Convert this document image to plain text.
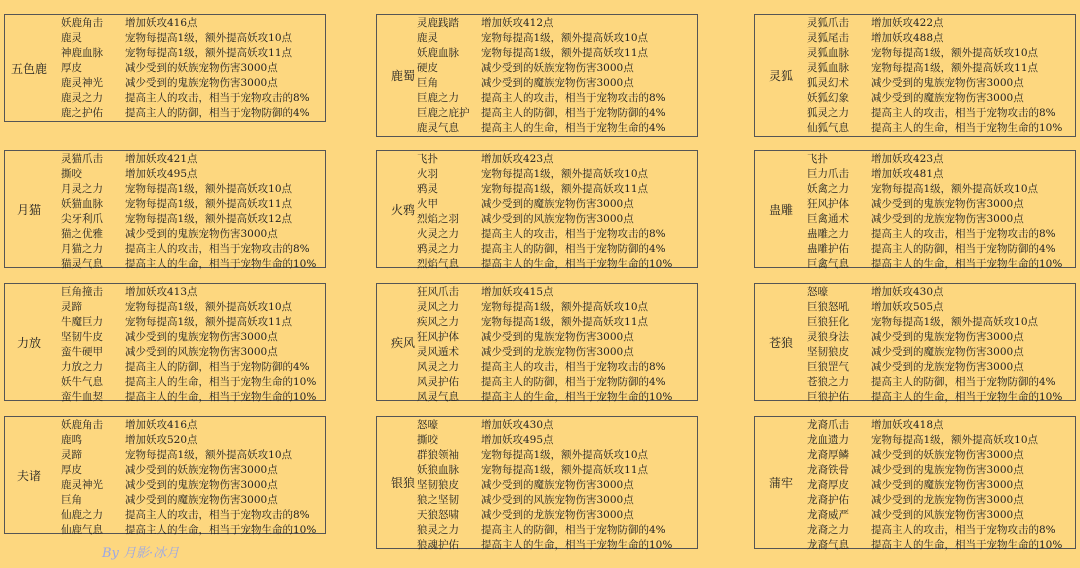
五色鹿
妖鹿角击	增加妖攻416点
鹿灵	宠物每提高1级，额外提高妖攻10点
神鹿血脉	宠物每提高1级，额外提高妖攻11点
厚皮	减少受到的妖族宠物伤害3000点
鹿灵神光	减少受到的鬼族宠物伤害3000点
鹿灵之力	提高主人的攻击，相当于宠物攻击的8%
鹿之护佑	提高主人的防御，相当于宠物防御的4%
鹿蜀
灵鹿践踏	增加妖攻412点
鹿灵	宠物每提高1级，额外提高妖攻10点
妖鹿血脉	宠物每提高1级，额外提高妖攻11点
硬皮	减少受到的妖族宠物伤害3000点
巨角	减少受到的魔族宠物伤害3000点
巨鹿之力	提高主人的攻击，相当于宠物攻击的8%
巨鹿之庇护	提高主人的防御，相当于宠物防御的4%
鹿灵气息	提高主人的生命，相当于宠物生命的4%
灵狐
灵狐爪击	增加妖攻422点
灵狐尾击	增加妖攻488点
灵狐血脉	宠物每提高1级，额外提高妖攻10点
灵狐血脉	宠物每提高1级，额外提高妖攻11点
狐灵幻术	减少受到的鬼族宠物伤害3000点
妖狐幻象	减少受到的魔族宠物伤害3000点
狐灵之力	提高主人的攻击，相当于宠物攻击的8%
仙狐气息	提高主人的生命，相当于宠物生命的10%
月猫
灵猫爪击	增加妖攻421点
撕咬	增加妖攻495点
月灵之力	宠物每提高1级，额外提高妖攻10点
妖猫血脉	宠物每提高1级，额外提高妖攻11点
尖牙利爪	宠物每提高1级，额外提高妖攻12点
猫之优雅	减少受到的鬼族宠物伤害3000点
月猫之力	提高主人的攻击，相当于宠物攻击的8%
猫灵气息	提高主人的生命，相当于宠物生命的10%
火鸦
飞扑	增加妖攻423点
火羽	宠物每提高1级，额外提高妖攻10点
鸦灵	宠物每提高1级，额外提高妖攻11点
火甲	减少受到的魔族宠物伤害3000点
烈焰之羽	减少受到的风族宠物伤害3000点
火灵之力	提高主人的攻击，相当于宠物攻击的8%
鸦灵之力	提高主人的防御，相当于宠物防御的4%
烈焰气息	提高主人的生命，相当于宠物生命的10%
蛊雕
飞扑	增加妖攻423点
巨力爪击	增加妖攻481点
妖禽之力	宠物每提高1级，额外提高妖攻10点
狂风护体	减少受到的鬼族宠物伤害3000点
巨禽通术	减少受到的龙族宠物伤害3000点
蛊雕之力	提高主人的攻击，相当于宠物攻击的8%
蛊雕护佑	提高主人的防御，相当于宠物防御的4%
巨禽气息	提高主人的生命，相当于宠物生命的10%
力放
巨角撞击	增加妖攻413点
灵蹄	宠物每提高1级，额外提高妖攻10点
牛魔巨力	宠物每提高1级，额外提高妖攻11点
坚韧牛皮	减少受到的鬼族宠物伤害3000点
蛮牛硬甲	减少受到的风族宠物伤害3000点
力放之力	提高主人的防御，相当于宠物防御的4%
妖牛气息	提高主人的生命，相当于宠物生命的10%
蛮牛血契	提高主人的生命，相当于宠物生命的10%
疾风
狂风爪击	增加妖攻415点
灵风之力	宠物每提高1级，额外提高妖攻10点
疾风之力	宠物每提高1级，额外提高妖攻11点
狂风护体	减少受到的鬼族宠物伤害3000点
灵风遁术	减少受到的龙族宠物伤害3000点
风灵之力	提高主人的攻击，相当于宠物攻击的8%
风灵护佑	提高主人的防御，相当于宠物防御的4%
风灵气息	提高主人的生命，相当于宠物生命的10%
苍狼
怒嚎	增加妖攻430点
巨狼怒吼	增加妖攻505点
巨狼狂化	宠物每提高1级，额外提高妖攻10点
灵狼身法	减少受到的鬼族宠物伤害3000点
坚韧狼皮	减少受到的魔族宠物伤害3000点
巨狼罡气	减少受到的龙族宠物伤害3000点
苍狼之力	提高主人的防御，相当于宠物防御的4%
巨狼护佑	提高主人的生命，相当于宠物生命的10%
夫诸
妖鹿角击	增加妖攻416点
鹿鸣	增加妖攻520点
灵蹄	宠物每提高1级，额外提高妖攻10点
厚皮	减少受到的妖族宠物伤害3000点
鹿灵神光	减少受到的鬼族宠物伤害3000点
巨角	减少受到的魔族宠物伤害3000点
仙鹿之力	提高主人的攻击，相当于宠物攻击的8%
仙鹿气息	提高主人的生命，相当于宠物生命的10%
银狼
怒嚎	增加妖攻430点
撕咬	增加妖攻495点
群狼领袖	宠物每提高1级，额外提高妖攻10点
妖狼血脉	宠物每提高1级，额外提高妖攻11点
坚韧狼皮	减少受到的魔族宠物伤害3000点
狼之坚韧	减少受到的风族宠物伤害3000点
天狼怒啸	减少受到的龙族宠物伤害3000点
狼灵之力	提高主人的防御，相当于宠物防御的4%
狼魂护佑	提高主人的生命，相当于宠物生命的10%
蒲牢
龙裔爪击	增加妖攻418点
龙血遗力	宠物每提高1级，额外提高妖攻10点
龙裔厚鳞	减少受到的妖族宠物伤害3000点
龙裔铁骨	减少受到的鬼族宠物伤害3000点
龙裔厚皮	减少受到的魔族宠物伤害3000点
龙裔护佑	减少受到的龙族宠物伤害3000点
龙裔威严	减少受到的风族宠物伤害3000点
龙裔之力	提高主人的攻击，相当于宠物攻击的8%
龙裔气息	提高主人的生命，相当于宠物生命的10%
By 月影·冰月
